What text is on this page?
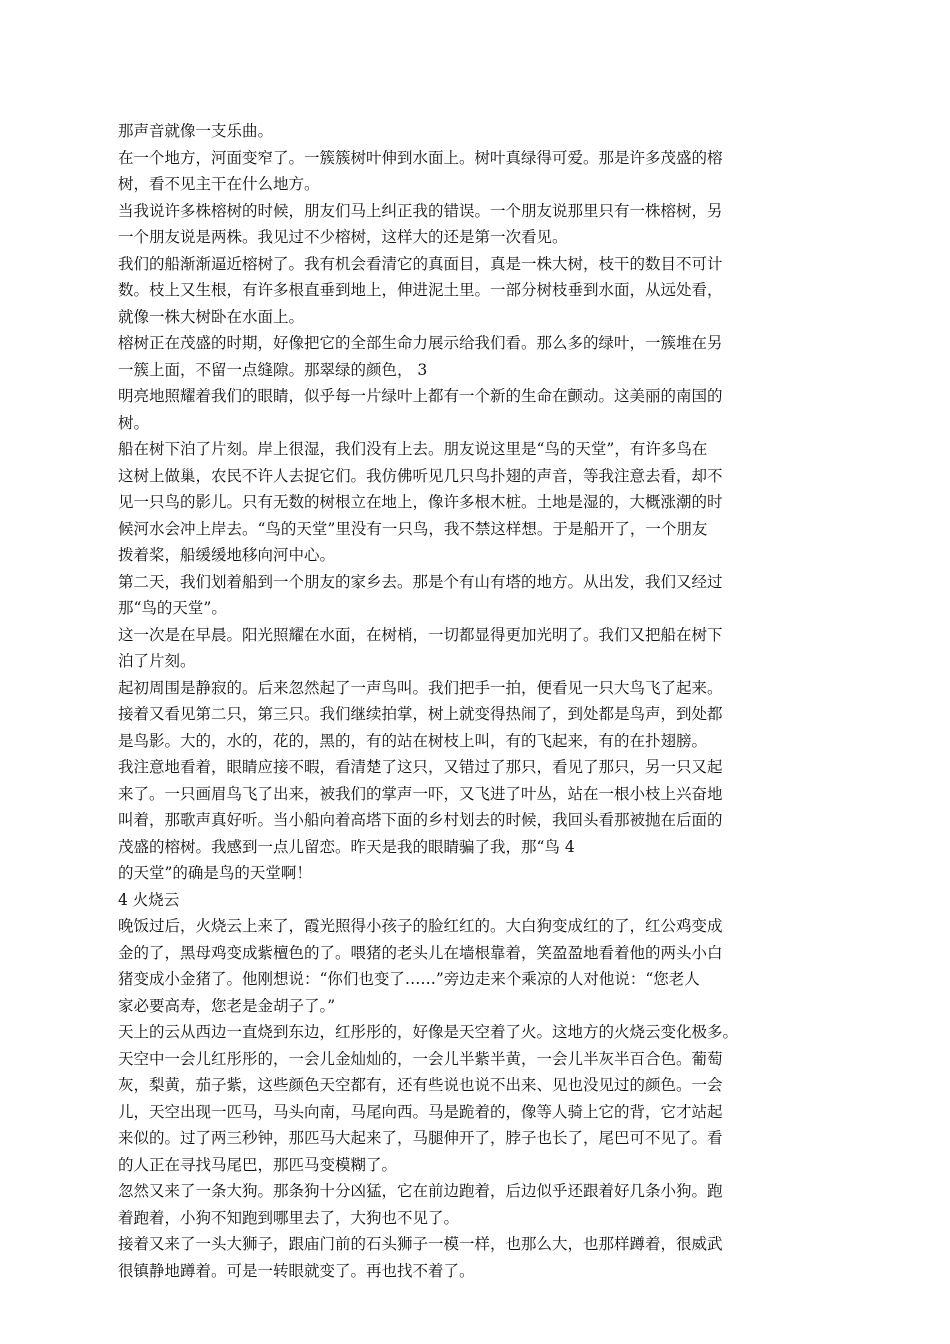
那声音就像一支乐曲。
在一个地方，河面变窄了。一簇簇树叶伸到水面上。树叶真绿得可爱。那是许多茂盛的榕
树，看不见主干在什么地方。
当我说许多株榕树的时候，朋友们马上纠正我的错误。一个朋友说那里只有一株榕树，另
一个朋友说是两株。我见过不少榕树，这样大的还是第一次看见。
我们的船渐渐逼近榕树了。我有机会看清它的真面目，真是一株大树，枝干的数目不可计
数。枝上又生根，有许多根直垂到地上，伸进泥土里。一部分树枝垂到水面，从远处看，
就像一株大树卧在水面上。
榕树正在茂盛的时期，好像把它的全部生命力展示给我们看。那么多的绿叶，一簇堆在另
一簇上面，不留一点缝隙。那翠绿的颜色， 3
明亮地照耀着我们的眼睛，似乎每一片绿叶上都有一个新的生命在颤动。这美丽的南国的
树。
船在树下泊了片刻。岸上很湿，我们没有上去。朋友说这里是“鸟的天堂”，有许多鸟在
这树上做巢，农民不许人去捉它们。我仿佛听见几只鸟扑翅的声音，等我注意去看，却不
见一只鸟的影儿。只有无数的树根立在地上，像许多根木桩。土地是湿的，大概涨潮的时
候河水会冲上岸去。“鸟的天堂”里没有一只鸟，我不禁这样想。于是船开了，一个朋友
拨着桨，船缓缓地移向河中心。
第二天，我们划着船到一个朋友的家乡去。那是个有山有塔的地方。从出发，我们又经过
那“鸟的天堂”。
这一次是在早晨。阳光照耀在水面，在树梢，一切都显得更加光明了。我们又把船在树下
泊了片刻。
起初周围是静寂的。后来忽然起了一声鸟叫。我们把手一拍，便看见一只大鸟飞了起来。
接着又看见第二只，第三只。我们继续拍掌，树上就变得热闹了，到处都是鸟声，到处都
是鸟影。大的，水的，花的，黑的，有的站在树枝上叫，有的飞起来，有的在扑翅膀。
我注意地看着，眼睛应接不暇，看清楚了这只，又错过了那只，看见了那只，另一只又起
来了。一只画眉鸟飞了出来，被我们的掌声一吓，又飞进了叶丛，站在一根小枝上兴奋地
叫着，那歌声真好听。当小船向着高塔下面的乡村划去的时候，我回头看那被抛在后面的
茂盛的榕树。我感到一点儿留恋。昨天是我的眼睛骗了我，那“鸟 4
的天堂”的确是鸟的天堂啊！
4 火烧云
晚饭过后，火烧云上来了，霞光照得小孩子的脸红红的。大白狗变成红的了，红公鸡变成
金的了，黑母鸡变成紫檀色的了。喂猪的老头儿在墙根靠着，笑盈盈地看着他的两头小白
猪变成小金猪了。他刚想说：“你们也变了……”旁边走来个乘凉的人对他说：“您老人
家必要高寿，您老是金胡子了。”
天上的云从西边一直烧到东边，红彤彤的，好像是天空着了火。这地方的火烧云变化极多。
天空中一会儿红彤彤的，一会儿金灿灿的，一会儿半紫半黄，一会儿半灰半百合色。葡萄
灰，梨黄，茄子紫，这些颜色天空都有，还有些说也说不出来、见也没见过的颜色。一会
儿，天空出现一匹马，马头向南，马尾向西。马是跪着的，像等人骑上它的背，它才站起
来似的。过了两三秒钟，那匹马大起来了，马腿伸开了，脖子也长了，尾巴可不见了。看
的人正在寻找马尾巴，那匹马变模糊了。
忽然又来了一条大狗。那条狗十分凶猛，它在前边跑着，后边似乎还跟着好几条小狗。跑
着跑着，小狗不知跑到哪里去了，大狗也不见了。
接着又来了一头大狮子，跟庙门前的石头狮子一模一样，也那么大，也那样蹲着，很威武
很镇静地蹲着。可是一转眼就变了。再也找不着了。
